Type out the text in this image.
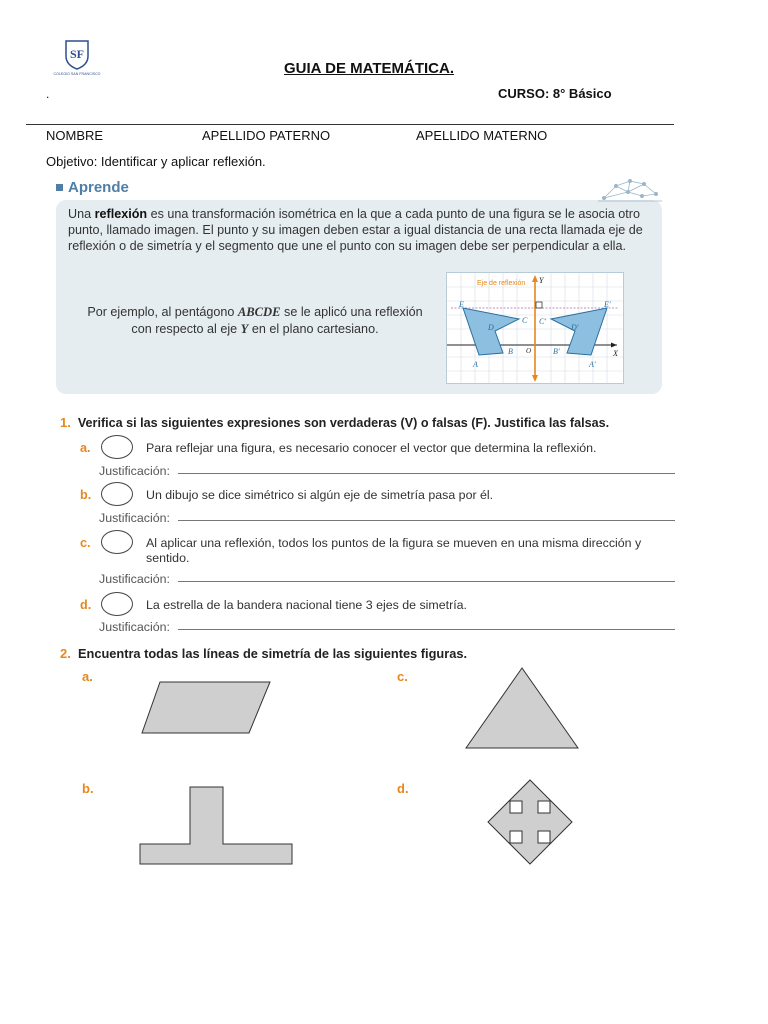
SF
COLEGIO SAN FRANCISCO	GUIA DE MATEMÁTICA.
.	CURSO: 8° Básico
NOMBRE	APELLIDO PATERNO	APELLIDO MATERNO
Objetivo: Identificar y aplicar reflexión.
Aprende
Una reflexión es una transformación isométrica en la que a cada punto de una figura se le asocia otro punto, llamado imagen. El punto y su imagen deben estar a igual distancia de una recta llamada eje de reflexión o de simetría y el segmento que une el punto con su imagen debe ser perpendicular a ella.
Por ejemplo, al pentágono ABCDE se le aplicó una reflexión con respecto al eje Y en el plano cartesiano.
E
D
C
B
A
E'
D'
C'
B'
A'
Eje de reflexión Y
X
O
1. Verifica si las siguientes expresiones son verdaderas (V) o falsas (F). Justifica las falsas.
a.	Para reflejar una figura, es necesario conocer el vector que determina la reflexión.
Justificación:
b.	Un dibujo se dice simétrico si algún eje de simetría pasa por él.
Justificación:
c.	Al aplicar una reflexión, todos los puntos de la figura se mueven en una misma dirección y sentido.
Justificación:
d.	La estrella de la bandera nacional tiene 3 ejes de simetría.
Justificación:
2. Encuentra todas las líneas de simetría de las siguientes figuras.
a.	c.
b.	d.
